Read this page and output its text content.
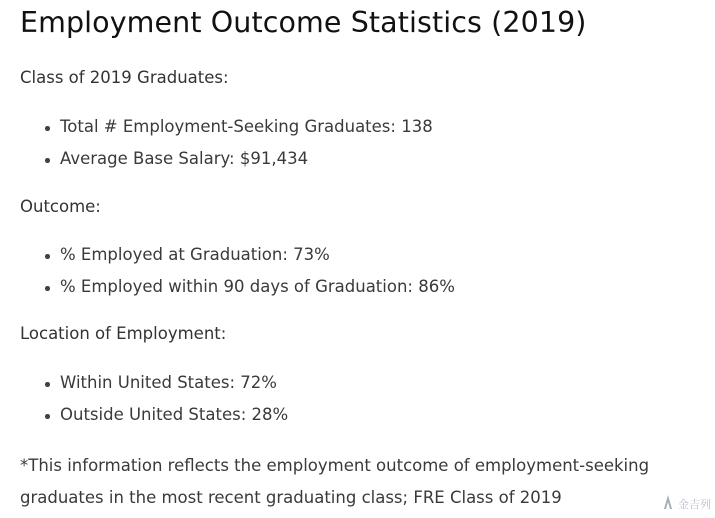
Employment Outcome Statistics (2019)
Class of 2019 Graduates:
Total # Employment-Seeking Graduates: 138
Average Base Salary: $91,434
Outcome:
% Employed at Graduation: 73%
% Employed within 90 days of Graduation: 86%
Location of Employment:
Within United States: 72%
Outside United States: 28%
*This information reflects the employment outcome of employment-seeking
graduates in the most recent graduating class; FRE Class of 2019	金吉列
